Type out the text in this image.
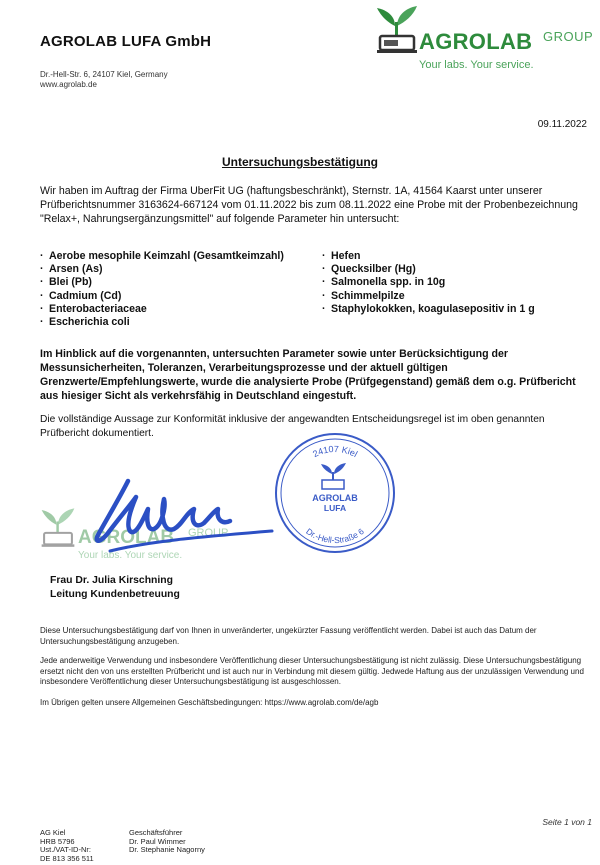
AGROLAB LUFA GmbH
Dr.-Hell-Str. 6, 24107 Kiel, Germany
www.agrolab.de
AGROLAB GROUP
Your labs. Your service.
09.11.2022
Untersuchungsbestätigung
Wir haben im Auftrag der Firma UberFit UG (haftungsbeschränkt), Sternstr. 1A, 41564 Kaarst unter unserer Prüfberichtsnummer 3163624-667124 vom 01.11.2022 bis zum 08.11.2022 eine Probe mit der Probenbezeichnung "Relax+, Nahrungsergänzungsmittel" auf folgende Parameter hin untersucht:
· Aerobe mesophile Keimzahl (Gesamtkeimzahl)
· Arsen (As)
· Blei (Pb)
· Cadmium (Cd)
· Enterobacteriaceae
· Escherichia coli
· Hefen
· Quecksilber (Hg)
· Salmonella spp. in 10g
· Schimmelpilze
· Staphylokokken, koagulasepositiv in 1 g
Im Hinblick auf die vorgenannten, untersuchten Parameter sowie unter Berücksichtigung der Messunsicherheiten, Toleranzen, Verarbeitungsprozesse und der aktuell gültigen Grenzwerte/Empfehlungswerte, wurde die analysierte Probe (Prüfgegenstand) gemäß dem o.g. Prüfbericht aus hiesiger Sicht als verkehrsfähig in Deutschland eingestuft.
Die vollständige Aussage zur Konformität inklusive der angewandten Entscheidungsregel ist im oben genannten Prüfbericht dokumentiert.
AGROLAB GROUP
Your labs. Your service.
24107 Kiel
Dr.-Hell-Straße 6
AGROLAB
LUFA
Frau Dr. Julia Kirschning
Leitung Kundenbetreuung
Diese Untersuchungsbestätigung darf von Ihnen in unveränderter, ungekürzter Fassung veröffentlicht werden. Dabei ist auch das Datum der Untersuchungsbestätigung anzugeben.
Jede anderweitige Verwendung und insbesondere Veröffentlichung dieser Untersuchungsbestätigung ist nicht zulässig. Diese Untersuchungsbestätigung ersetzt nicht den von uns erstellten Prüfbericht und ist auch nur in Verbindung mit diesem gültig. Jedwede Haftung aus der unzulässigen Verwendung und insbesondere Veröffentlichung dieser Untersuchungsbestätigung ist ausgeschlossen.
Im Übrigen gelten unsere Allgemeinen Geschäftsbedingungen: https://www.agrolab.com/de/agb
Seite 1 von 1
AG Kiel
HRB 5796
Ust./VAT-ID-Nr:
DE 813 356 511
Geschäftsführer
Dr. Paul Wimmer
Dr. Stephanie Nagorny
